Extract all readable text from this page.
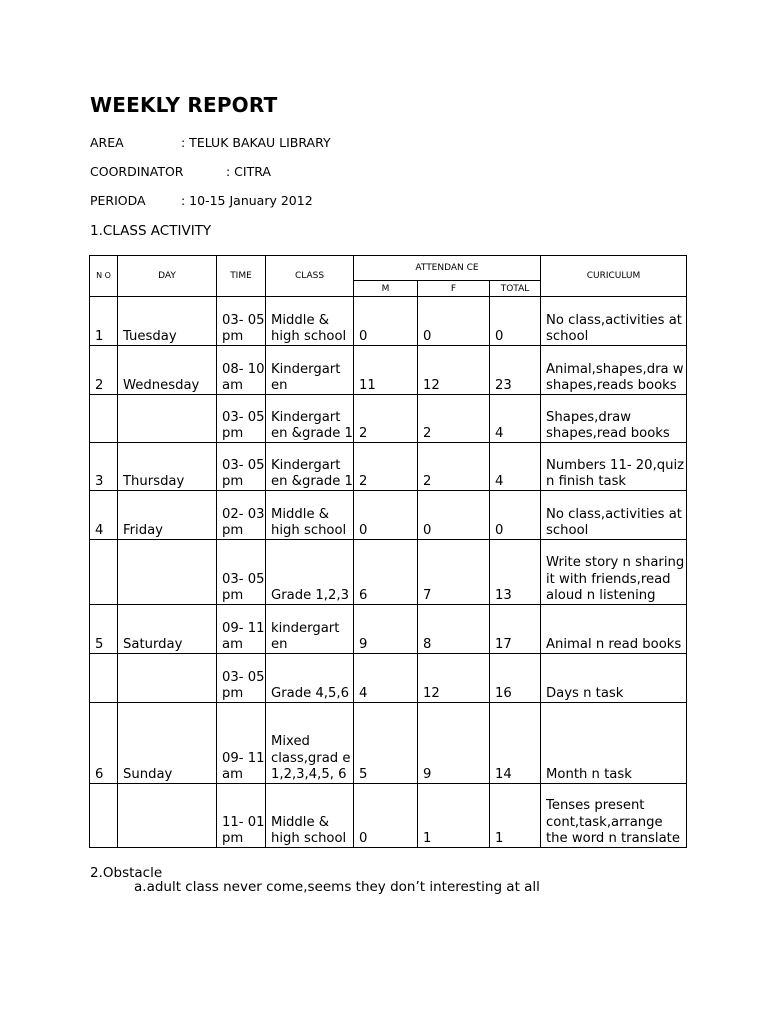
WEEKLY REPORT
AREA	: TELUK BAKAU LIBRARY
COORDINATOR	: CITRA
PERIODA	: 10-15 January 2012
1.CLASS ACTIVITY
N O	DAY	TIME	CLASS	ATTENDAN CE			CURICULUM
				M	F	TOTAL	
1	Tuesday	03- 05 pm	Middle & high school	0	0	0	No class,activities at school
2	Wednesday	08- 10 am	Kindergart en	11	12	23	Animal,shapes,dra w shapes,reads books
		03- 05 pm	Kindergart en &grade 1	2	2	4	Shapes,draw shapes,read books
3	Thursday	03- 05 pm	Kindergart en &grade 1	2	2	4	Numbers 11- 20,quiz n finish task
4	Friday	02- 03 pm	Middle & high school	0	0	0	No class,activities at school
		03- 05 pm	Grade 1,2,3	6	7	13	Write story n sharing it with friends,read aloud n listening
5	Saturday	09- 11 am	kindergart en	9	8	17	Animal n read books
		03- 05 pm	Grade 4,5,6	4	12	16	Days n task
6	Sunday	09- 11 am	Mixed class,grad e 1,2,3,4,5, 6	5	9	14	Month n task
		11- 01 pm	Middle & high school	0	1	1	Tenses present cont,task,arrange the word n translate
2.Obstacle
a.adult class never come,seems they don’t interesting at all
